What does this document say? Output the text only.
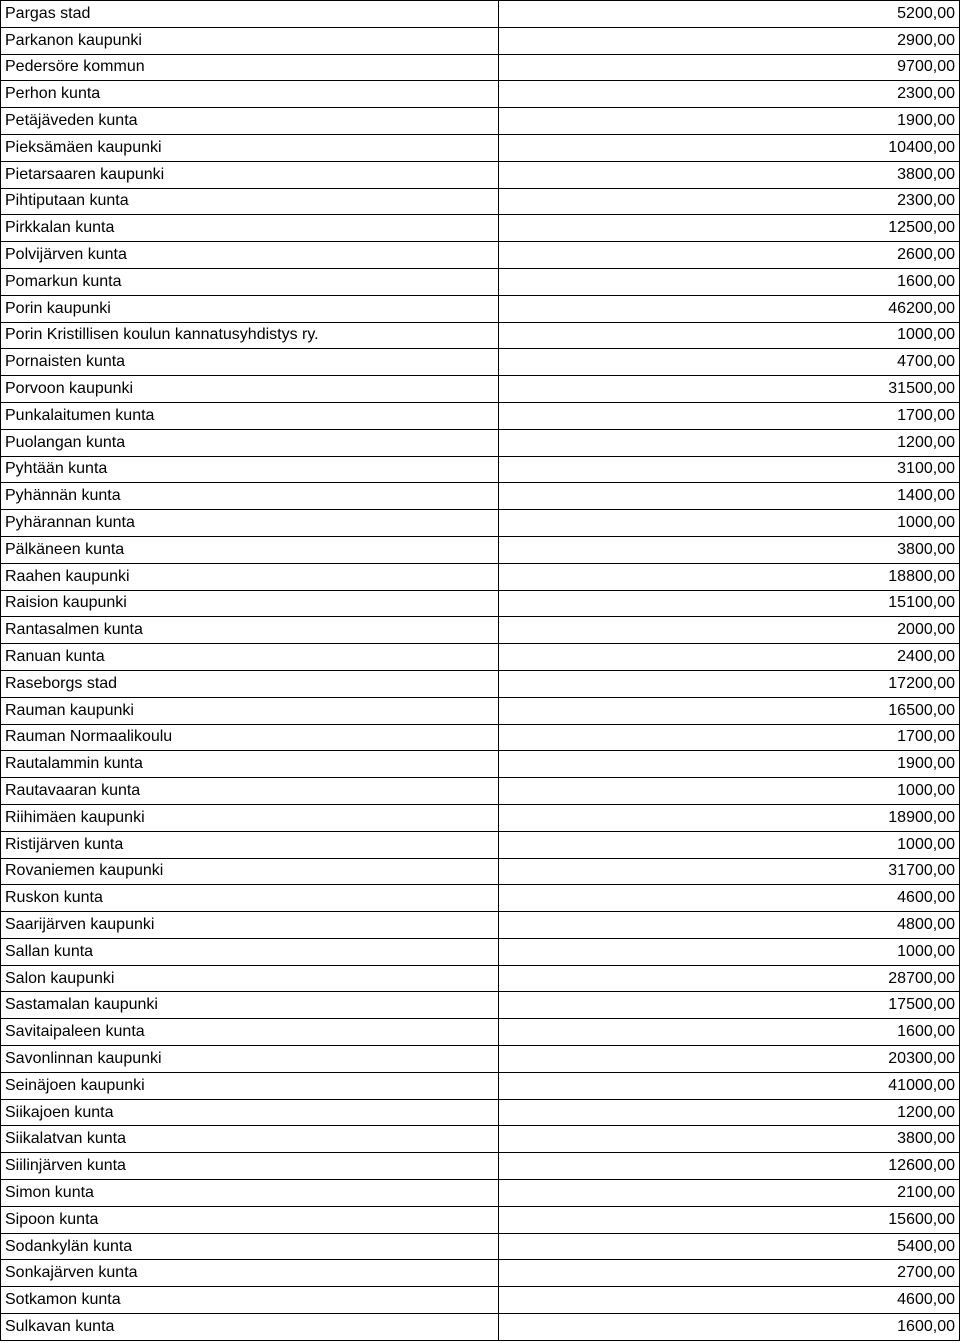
Pargas stad	5200,00
Parkanon kaupunki	2900,00
Pedersöre kommun	9700,00
Perhon kunta	2300,00
Petäjäveden kunta	1900,00
Pieksämäen kaupunki	10400,00
Pietarsaaren kaupunki	3800,00
Pihtiputaan kunta	2300,00
Pirkkalan kunta	12500,00
Polvijärven kunta	2600,00
Pomarkun kunta	1600,00
Porin kaupunki	46200,00
Porin Kristillisen koulun kannatusyhdistys ry.	1000,00
Pornaisten kunta	4700,00
Porvoon kaupunki	31500,00
Punkalaitumen kunta	1700,00
Puolangan kunta	1200,00
Pyhtään kunta	3100,00
Pyhännän kunta	1400,00
Pyhärannan kunta	1000,00
Pälkäneen kunta	3800,00
Raahen kaupunki	18800,00
Raision kaupunki	15100,00
Rantasalmen kunta	2000,00
Ranuan kunta	2400,00
Raseborgs stad	17200,00
Rauman kaupunki	16500,00
Rauman Normaalikoulu	1700,00
Rautalammin kunta	1900,00
Rautavaaran kunta	1000,00
Riihimäen kaupunki	18900,00
Ristijärven kunta	1000,00
Rovaniemen kaupunki	31700,00
Ruskon kunta	4600,00
Saarijärven kaupunki	4800,00
Sallan kunta	1000,00
Salon kaupunki	28700,00
Sastamalan kaupunki	17500,00
Savitaipaleen kunta	1600,00
Savonlinnan kaupunki	20300,00
Seinäjoen kaupunki	41000,00
Siikajoen kunta	1200,00
Siikalatvan kunta	3800,00
Siilinjärven kunta	12600,00
Simon kunta	2100,00
Sipoon kunta	15600,00
Sodankylän kunta	5400,00
Sonkajärven kunta	2700,00
Sotkamon kunta	4600,00
Sulkavan kunta	1600,00
